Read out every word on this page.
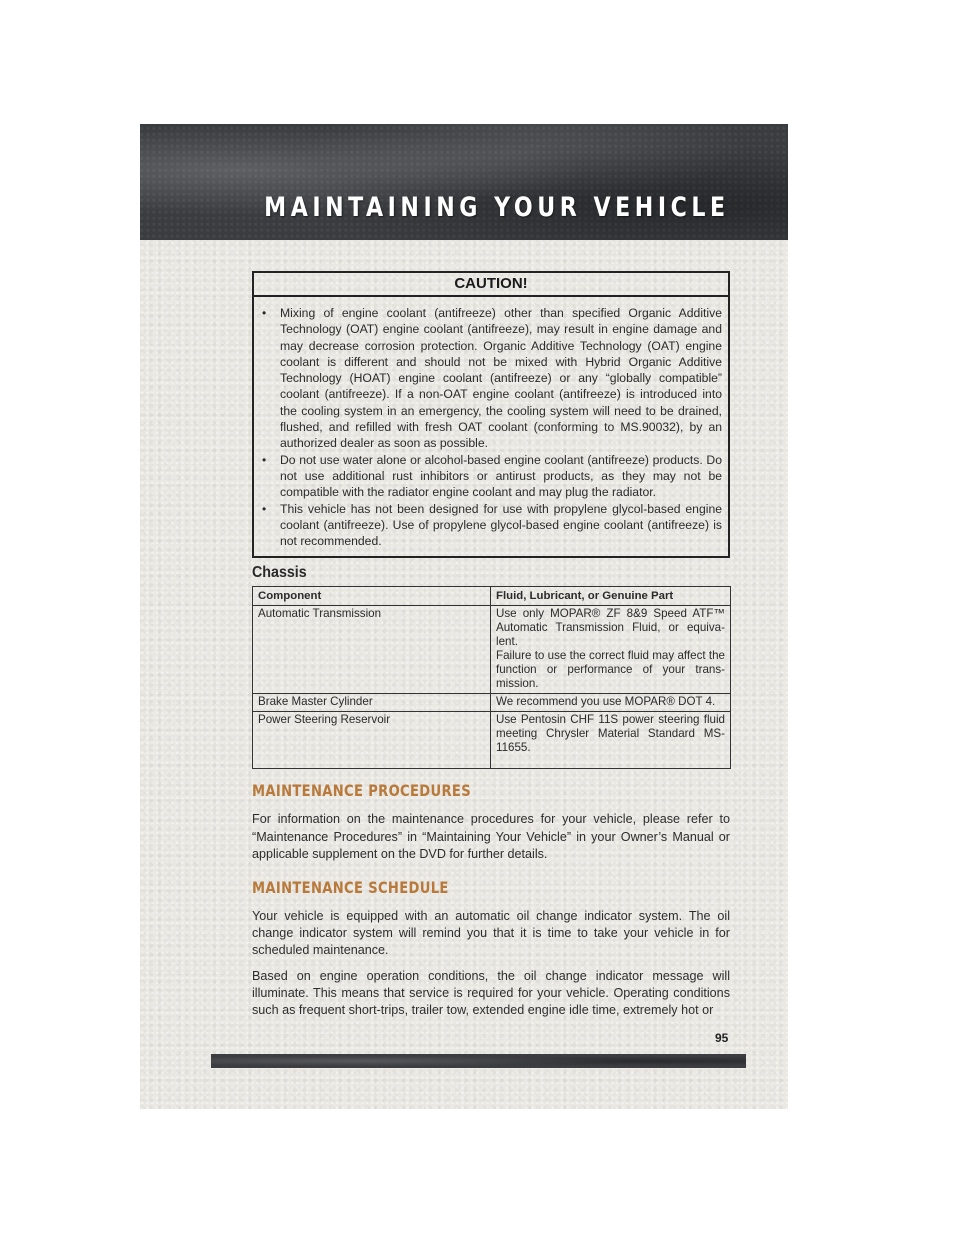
MAINTAINING YOUR VEHICLE
CAUTION!
• Mixing of engine coolant (antifreeze) other than specified Organic Additive Technology (OAT) engine coolant (antifreeze), may result in engine damage and may decrease corrosion protection. Organic Additive Technology (OAT) engine coolant is different and should not be mixed with Hybrid Organic Additive Technology (HOAT) engine coolant (antifreeze) or any “globally compatible” coolant (antifreeze). If a non-OAT engine coolant (antifreeze) is introduced into the cooling system in an emergency, the cooling system will need to be drained, flushed, and refilled with fresh OAT coolant (conforming to MS.90032), by an authorized dealer as soon as possible.
• Do not use water alone or alcohol-based engine coolant (antifreeze) products. Do not use additional rust inhibitors or antirust products, as they may not be compatible with the radiator engine coolant and may plug the radiator.
• This vehicle has not been designed for use with propylene glycol-based engine coolant (antifreeze). Use of propylene glycol-based engine coolant (antifreeze) is not recommended.
Chassis
Component	Fluid, Lubricant, or Genuine Part
Automatic Transmission	Use only MOPAR® ZF 8&9 Speed ATF™ Automatic Transmission Fluid, or equiva-lent.
Failure to use the correct fluid may affect the function or performance of your trans-mission.

Brake Master Cylinder	We recommend you use MOPAR® DOT 4.

Power Steering Reservoir	Use Pentosin CHF 11S power steering fluid meeting Chrysler Material Standard MS-11655.
MAINTENANCE PROCEDURES

For information on the maintenance procedures for your vehicle, please refer to “Maintenance Procedures” in “Maintaining Your Vehicle” in your Owner’s Manual or applicable supplement on the DVD for further details.

MAINTENANCE SCHEDULE

Your vehicle is equipped with an automatic oil change indicator system. The oil change indicator system will remind you that it is time to take your vehicle in for scheduled maintenance.

Based on engine operation conditions, the oil change indicator message will illuminate. This means that service is required for your vehicle. Operating conditions such as frequent short-trips, trailer tow, extended engine idle time, extremely hot or

95
